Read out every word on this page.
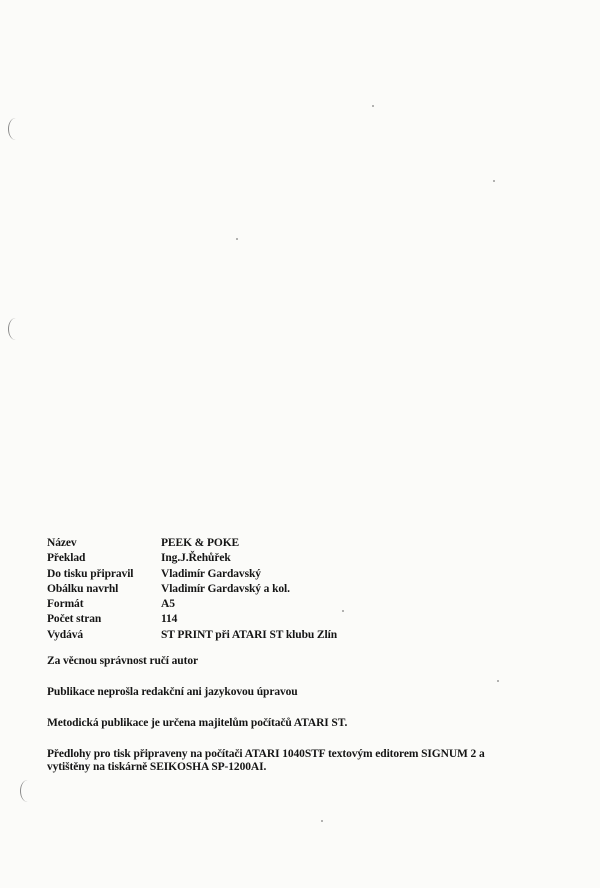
Název	PEEK & POKE
Překlad	Ing.J.Řehůřek
Do tisku připravil	Vladimír Gardavský
Obálku navrhl	Vladimír Gardavský a kol.
Formát	A5
Počet stran	114
Vydává	ST PRINT při ATARI ST klubu Zlín

Za věcnou správnost ručí autor

Publikace neprošla redakční ani jazykovou úpravou

Metodická publikace je určena majitelům počítačů ATARI ST.

Předlohy pro tisk připraveny na počítači ATARI 1040STF textovým editorem SIGNUM 2 a vytištěny na tiskárně SEIKOSHA SP-1200AI.
